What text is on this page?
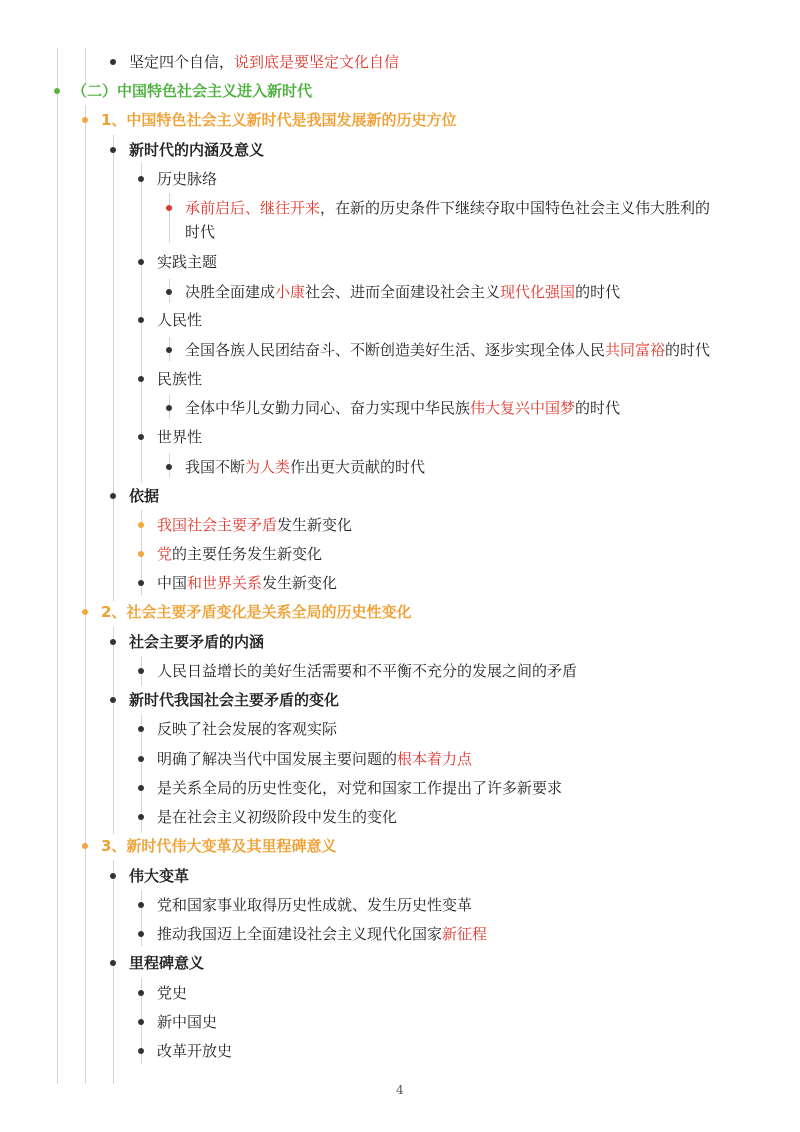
坚定四个自信，说到底是要坚定文化自信
（二）中国特色社会主义进入新时代
1、中国特色社会主义新时代是我国发展新的历史方位
新时代的内涵及意义
历史脉络
承前启后、继往开来，在新的历史条件下继续夺取中国特色社会主义伟大胜利的
时代
实践主题
决胜全面建成小康社会、进而全面建设社会主义现代化强国的时代
人民性
全国各族人民团结奋斗、不断创造美好生活、逐步实现全体人民共同富裕的时代
民族性
全体中华儿女勤力同心、奋力实现中华民族伟大复兴中国梦的时代
世界性
我国不断为人类作出更大贡献的时代
依据
我国社会主要矛盾发生新变化
党的主要任务发生新变化
中国和世界关系发生新变化
2、社会主要矛盾变化是关系全局的历史性变化
社会主要矛盾的内涵
人民日益增长的美好生活需要和不平衡不充分的发展之间的矛盾
新时代我国社会主要矛盾的变化
反映了社会发展的客观实际
明确了解决当代中国发展主要问题的根本着力点
是关系全局的历史性变化，对党和国家工作提出了许多新要求
是在社会主义初级阶段中发生的变化
3、新时代伟大变革及其里程碑意义
伟大变革
党和国家事业取得历史性成就、发生历史性变革
推动我国迈上全面建设社会主义现代化国家新征程
里程碑意义
党史
新中国史
改革开放史
4
